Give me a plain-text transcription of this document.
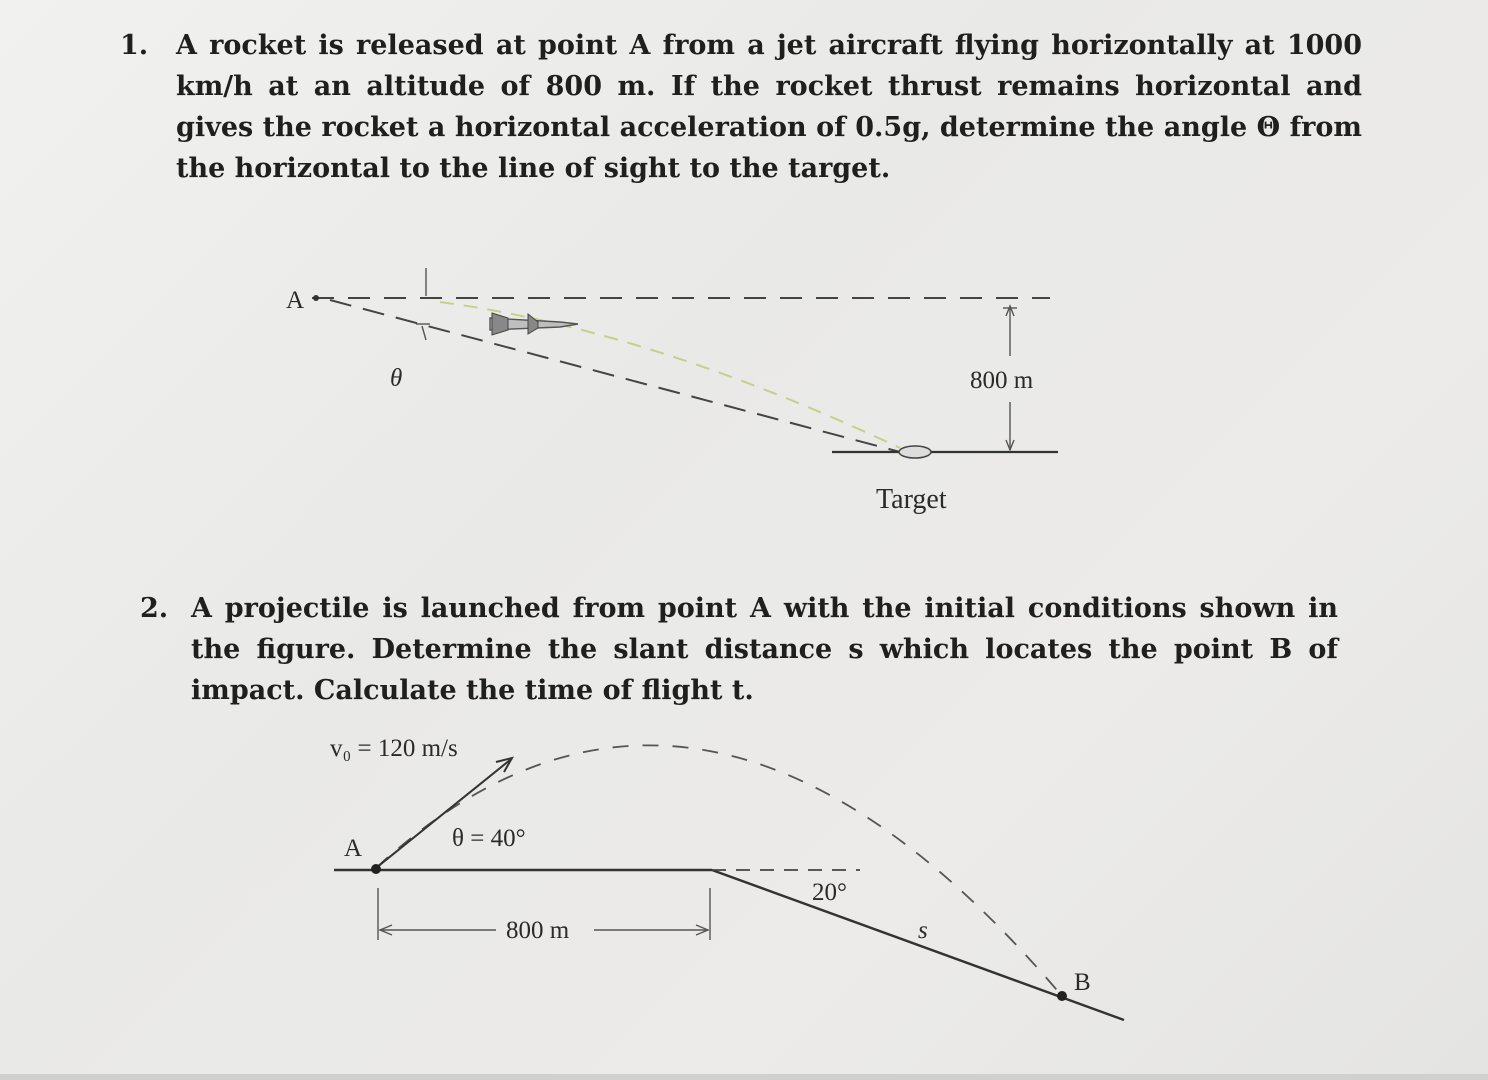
1. A rocket is released at point A from a jet aircraft flying horizontally at 1000 km/h at an altitude of 800 m. If the rocket thrust remains horizontal and gives the rocket a horizontal acceleration of 0.5g, determine the angle Θ from the horizontal to the line of sight to the target.
A
θ	800 m
Target
2. A projectile is launched from point A with the initial conditions shown in the figure. Determine the slant distance s which locates the point B of impact. Calculate the time of flight t.
v₀ = 120 m/s
θ = 40°
A
800 m
20°
s
B
